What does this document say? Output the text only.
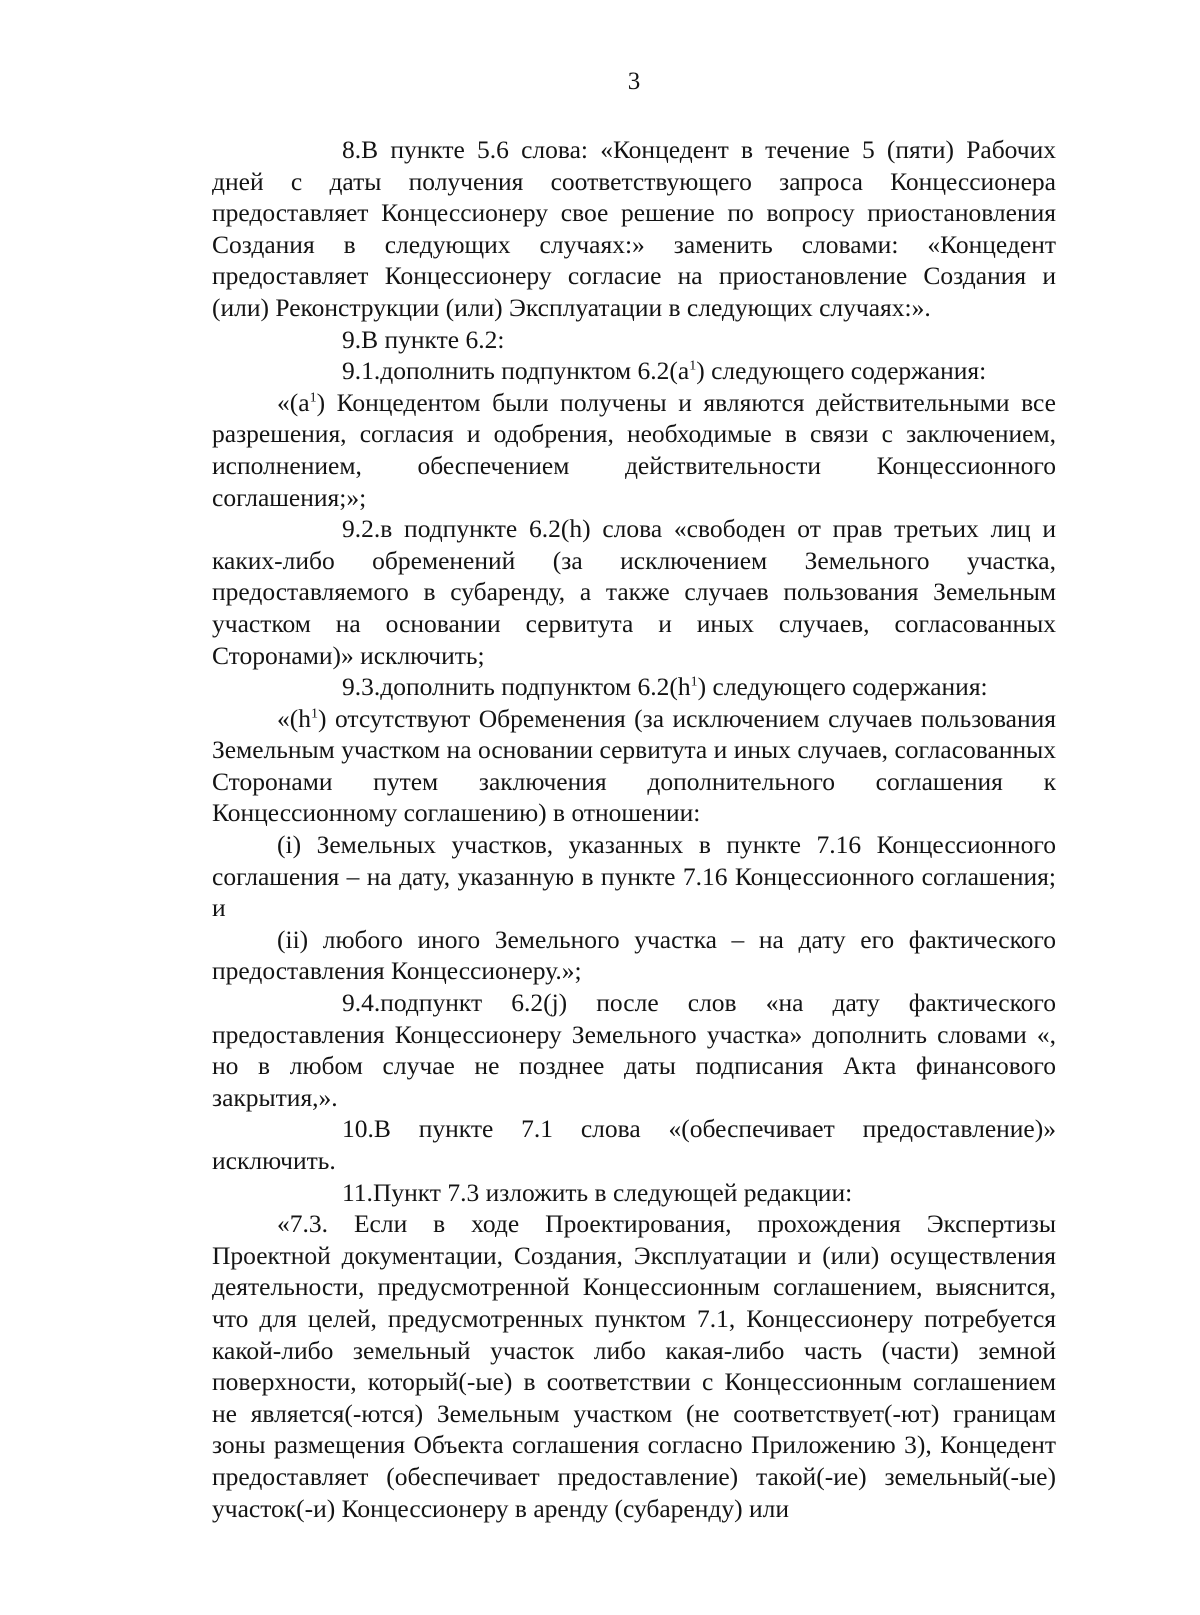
3

8.В пункте 5.6 слова: «Концедент в течение 5 (пяти) Рабочих дней с даты получения соответствующего запроса Концессионера предоставляет Концессионеру свое решение по вопросу приостановления Создания в следующих случаях:» заменить словами: «Концедент предоставляет Концессионеру согласие на приостановление Создания и (или) Реконструкции (или) Эксплуатации в следующих случаях:».

9.В пункте 6.2:

9.1.дополнить подпунктом $6.2(а^1)$ следующего содержания:

«$(а^1)$ Концедентом были получены и являются действительными все разрешения, согласия и одобрения, необходимые в связи с заключением, исполнением, обеспечением действительности Концессионного соглашения;»;

9.2.в подпункте 6.2(h) слова «свободен от прав третьих лиц и каких-либо обременений (за исключением Земельного участка, предоставляемого в субаренду, а также случаев пользования Земельным участком на основании сервитута и иных случаев, согласованных Сторонами)» исключить;

9.3.дополнить подпунктом $6.2(h^1)$ следующего содержания:

«$(h^1)$ отсутствуют Обременения (за исключением случаев пользования Земельным участком на основании сервитута и иных случаев, согласованных Сторонами путем заключения дополнительного соглашения к Концессионному соглашению) в отношении:

(i) Земельных участков, указанных в пункте 7.16 Концессионного соглашения – на дату, указанную в пункте 7.16 Концессионного соглашения; и

(ii) любого иного Земельного участка – на дату его фактического предоставления Концессионеру.»;

9.4.подпункт 6.2(j) после слов «на дату фактического предоставления Концессионеру Земельного участка» дополнить словами «, но в любом случае не позднее даты подписания Акта финансового закрытия,».

10.В пункте 7.1 слова «(обеспечивает предоставление)» исключить.

11.Пункт 7.3 изложить в следующей редакции:

«7.3. Если в ходе Проектирования, прохождения Экспертизы Проектной документации, Создания, Эксплуатации и (или) осуществления деятельности, предусмотренной Концессионным соглашением, выяснится, что для целей, предусмотренных пунктом 7.1, Концессионеру потребуется какой-либо земельный участок либо какая-либо часть (части) земной поверхности, который(-ые) в соответствии с Концессионным соглашением не является(-ются) Земельным участком (не соответствует(-ют) границам зоны размещения Объекта соглашения согласно Приложению 3), Концедент предоставляет (обеспечивает предоставление) такой(-ие) земельный(-ые) участок(-и) Концессионеру в аренду (субаренду) или
